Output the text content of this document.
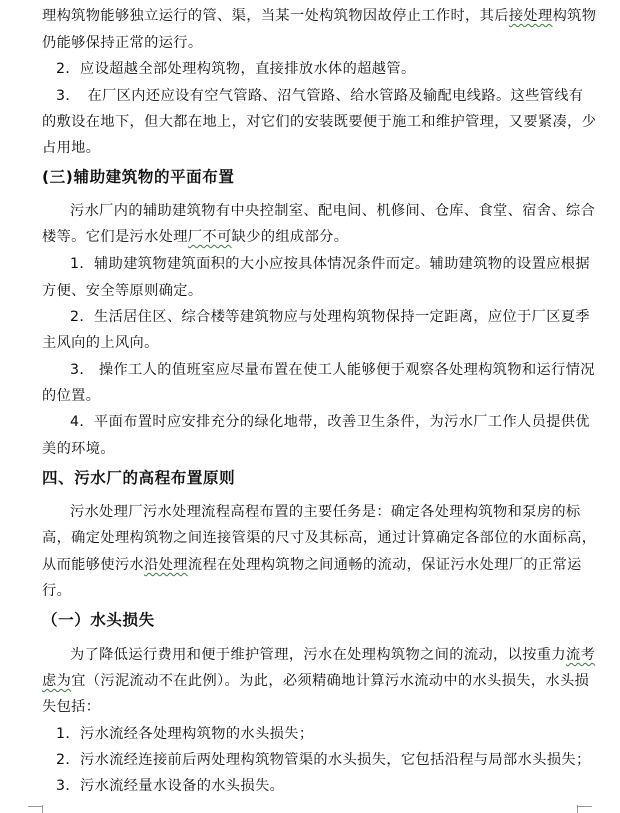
理构筑物能够独立运行的管、渠，当某一处构筑物因故停止工作时，其后接处理构筑物
仍能够保持正常的运行。
2．应设超越全部处理构筑物，直接排放水体的超越管。
3．　在厂区内还应设有空气管路、沼气管路、给水管路及输配电线路。这些管线有
的敷设在地下，但大都在地上，对它们的安装既要便于施工和维护管理，又要紧凑，少
占用地。
(三)辅助建筑物的平面布置
污水厂内的辅助建筑物有中央控制室、配电间、机修间、仓库、食堂、宿舍、综合
楼等。它们是污水处理厂不可缺少的组成部分。
1．辅助建筑物建筑面积的大小应按具体情况条件而定。辅助建筑物的设置应根据
方便、安全等原则确定。
2．生活居住区、综合楼等建筑物应与处理构筑物保持一定距离，应位于厂区夏季
主风向的上风向。
3． 操作工人的值班室应尽量布置在使工人能够便于观察各处理构筑物和运行情况
的位置。
4．平面布置时应安排充分的绿化地带，改善卫生条件，为污水厂工作人员提供优
美的环境。
四、污水厂的高程布置原则
污水处理厂污水处理流程高程布置的主要任务是：确定各处理构筑物和泵房的标
高，确定处理构筑物之间连接管渠的尺寸及其标高，通过计算确定各部位的水面标高，
从而能够使污水沿处理流程在处理构筑物之间通畅的流动，保证污水处理厂的正常运
行。
（一）水头损失
为了降低运行费用和便于维护管理，污水在处理构筑物之间的流动，以按重力流考
虑为宜（污泥流动不在此例）。为此，必须精确地计算污水流动中的水头损失，水头损
失包括：
1．污水流经各处理构筑物的水头损失；
2．污水流经连接前后两处理构筑物管渠的水头损失，它包括沿程与局部水头损失；
3．污水流经量水设备的水头损失。
